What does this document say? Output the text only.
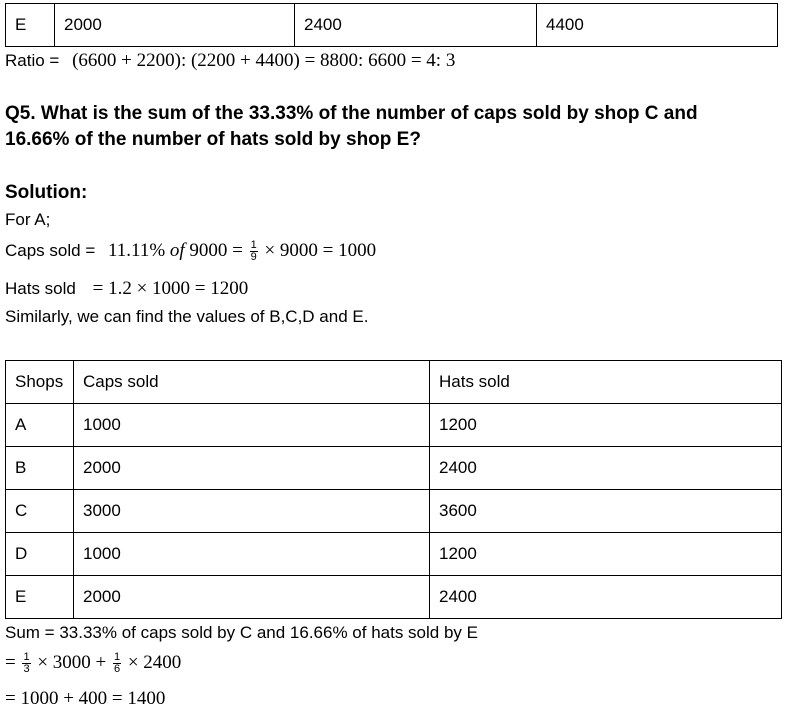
E	2000	2400	4400
Ratio = (6600 + 2200): (2200 + 4400) = 8800: 6600 = 4: 3
Q5. What is the sum of the 33.33% of the number of caps sold by shop C and
16.66% of the number of hats sold by shop E?
Solution:
For A;
Caps sold = 11.11% of $9000 = \frac{1}{9} \times 9000 = 1000$
Hats sold = 1.2 × 1000 = 1200
Similarly, we can find the values of B,C,D and E.
Shops	Caps sold	Hats sold
A	1000	1200
B	2000	2400
C	3000	3600
D	1000	1200
E	2000	2400
Sum = 33.33% of caps sold by C and 16.66% of hats sold by E
= $\frac{1}{3} \times 3000 + \frac{1}{6} \times 2400$
= 1000 + 400 = 1400
